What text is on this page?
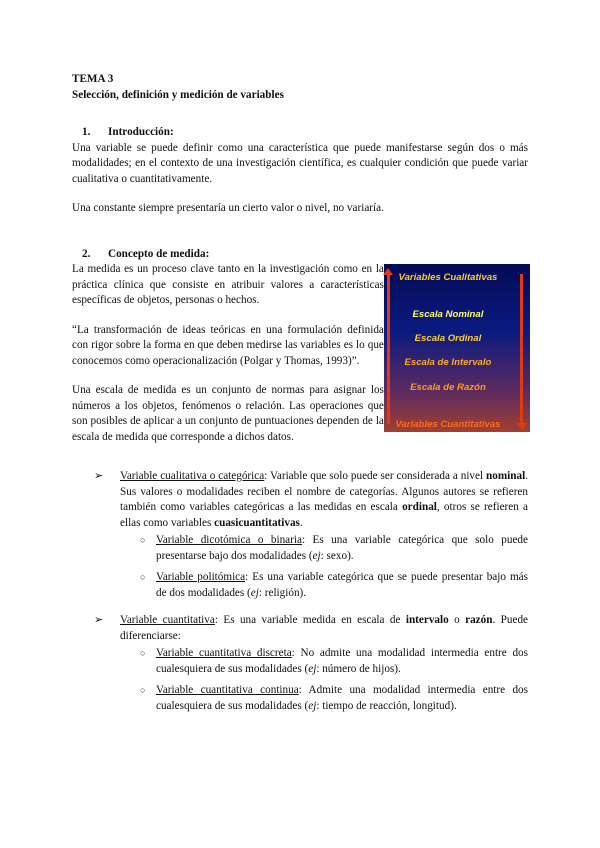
TEMA 3

Selección, definición y medición de variables

1. Introducción:

Una variable se puede definir como una característica que puede manifestarse según dos o más modalidades; en el contexto de una investigación científica, es cualquier condición que puede variar cualitativa o cuantitativamente.

Una constante siempre presentaría un cierto valor o nivel, no variaría.

2. Concepto de medida:

La medida es un proceso clave tanto en la investigación como en la práctica clínica que consiste en atribuir valores a características específicas de objetos, personas o hechos.

“La transformación de ideas teóricas en una formulación definida con rigor sobre la forma en que deben medirse las variables es lo que conocemos como operacionalización (Polgar y Thomas, 1993)”.

Una escala de medida es un conjunto de normas para asignar los números a los objetos, fenómenos o relación. Las operaciones que son posibles de aplicar a un conjunto de puntuaciones dependen de la escala de medida que corresponde a dichos datos.

Variables Cualitativas
Escala Nominal
Escala Ordinal
Escala de Intervalo
Escala de Razón
Variables Cuantitativas
➢ Variable cualitativa o categórica: Variable que solo puede ser considerada a nivel nominal. Sus valores o modalidades reciben el nombre de categorías. Algunos autores se refieren también como variables categóricas a las medidas en escala ordinal, otros se refieren a ellas como variables cuasicuantitativas.

○ Variable dicotómica o binaria: Es una variable categórica que solo puede presentarse bajo dos modalidades (ej: sexo).

○ Variable politómica: Es una variable categórica que se puede presentar bajo más de dos modalidades (ej: religión).

➢ Variable cuantitativa: Es una variable medida en escala de intervalo o razón. Puede diferenciarse:

○ Variable cuantitativa discreta: No admite una modalidad intermedia entre dos cualesquiera de sus modalidades (ej: número de hijos).

○ Variable cuantitativa continua: Admite una modalidad intermedia entre dos cualesquiera de sus modalidades (ej: tiempo de reacción, longitud).
